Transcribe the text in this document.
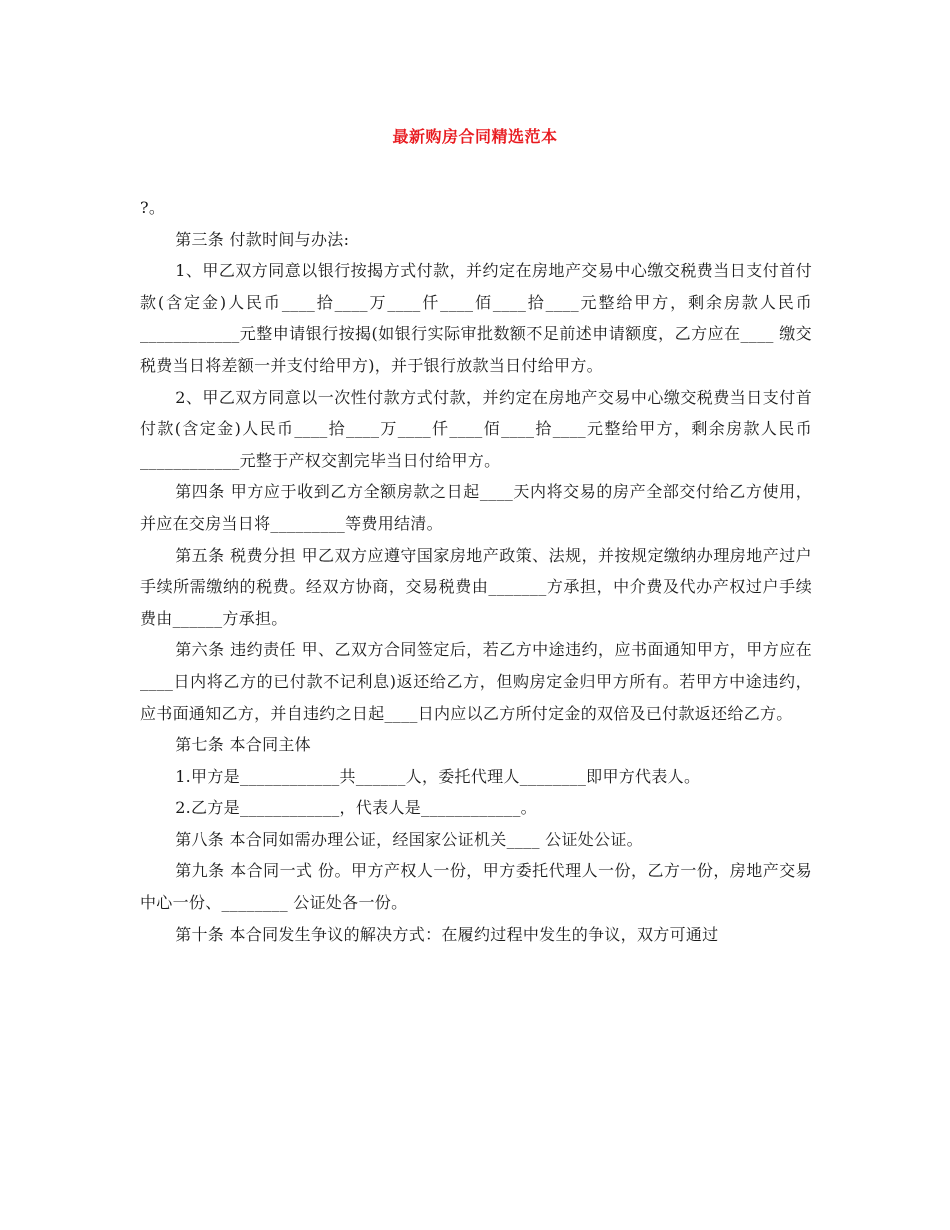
最新购房合同精选范本

?。

第三条 付款时间与办法:

1、甲乙双方同意以银行按揭方式付款，并约定在房地产交易中心缴交税费当日支付首付款(含定金)人民币____拾____万____仟____佰____拾____元整给甲方，剩余房款人民币____________元整申请银行按揭(如银行实际审批数额不足前述申请额度，乙方应在____ 缴交税费当日将差额一并支付给甲方)，并于银行放款当日付给甲方。

2、甲乙双方同意以一次性付款方式付款，并约定在房地产交易中心缴交税费当日支付首付款(含定金)人民币____拾____万____仟____佰____拾____元整给甲方，剩余房款人民币____________元整于产权交割完毕当日付给甲方。

第四条 甲方应于收到乙方全额房款之日起____天内将交易的房产全部交付给乙方使用，并应在交房当日将_________等费用结清。

第五条 税费分担 甲乙双方应遵守国家房地产政策、法规，并按规定缴纳办理房地产过户手续所需缴纳的税费。经双方协商，交易税费由_______方承担，中介费及代办产权过户手续费由______方承担。

第六条 违约责任 甲、乙双方合同签定后，若乙方中途违约，应书面通知甲方，甲方应在____日内将乙方的已付款不记利息)返还给乙方，但购房定金归甲方所有。若甲方中途违约，应书面通知乙方，并自违约之日起____日内应以乙方所付定金的双倍及已付款返还给乙方。

第七条 本合同主体

1.甲方是____________共______人，委托代理人________即甲方代表人。

2.乙方是____________，代表人是____________。

第八条 本合同如需办理公证，经国家公证机关____ 公证处公证。

第九条 本合同一式 份。甲方产权人一份，甲方委托代理人一份，乙方一份，房地产交易中心一份、________ 公证处各一份。

第十条 本合同发生争议的解决方式：在履约过程中发生的争议，双方可通过
